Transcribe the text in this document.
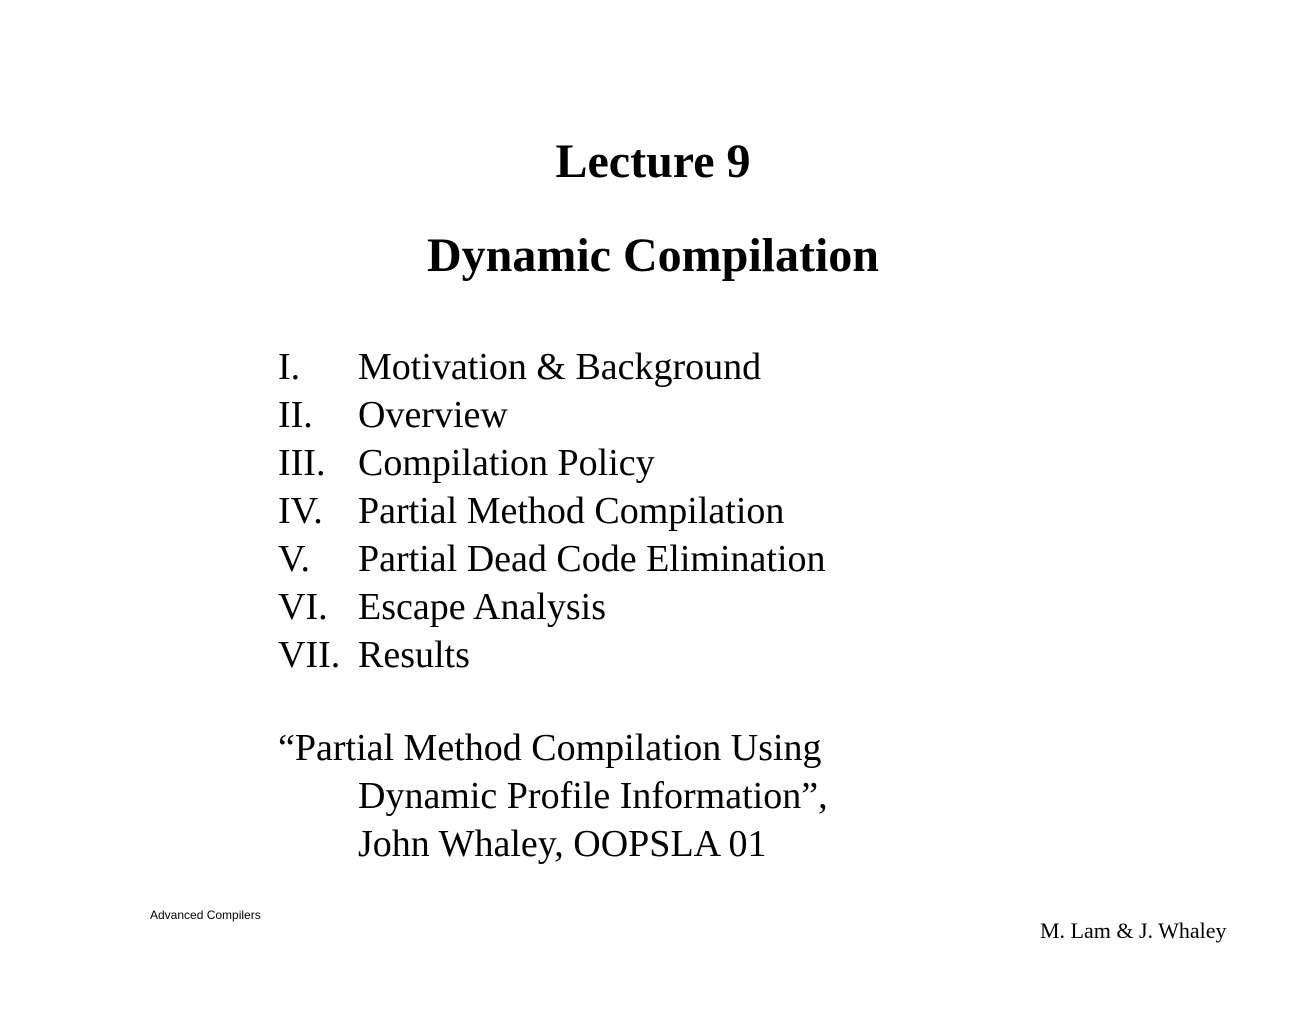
Lecture 9
Dynamic Compilation
I. Motivation & Background
II. Overview
III. Compilation Policy
IV. Partial Method Compilation
V. Partial Dead Code Elimination
VI. Escape Analysis
VII. Results
“Partial Method Compilation Using
Dynamic Profile Information”,
John Whaley, OOPSLA 01
Advanced Compilers
M. Lam & J. Whaley
